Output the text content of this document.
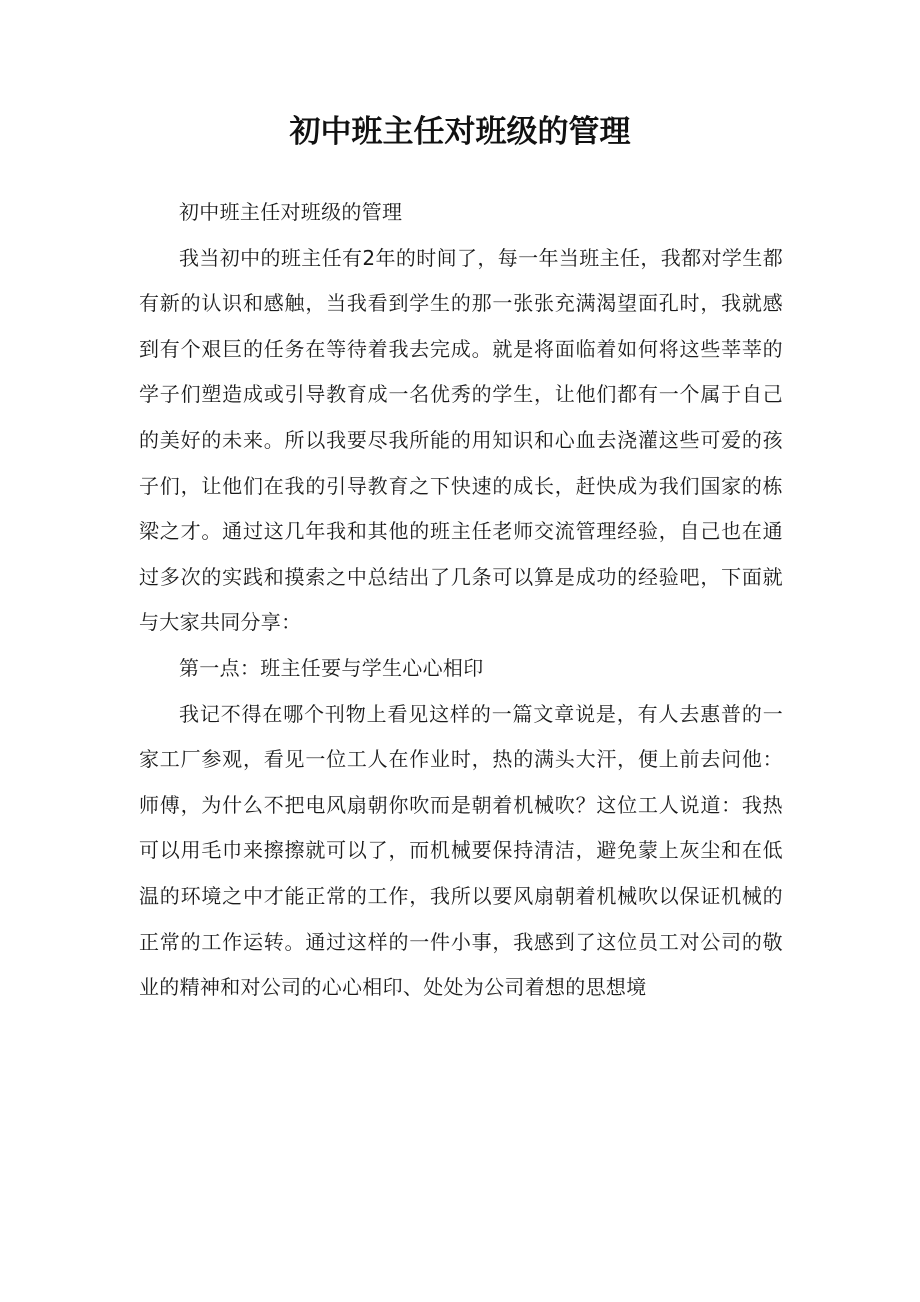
初中班主任对班级的管理

初中班主任对班级的管理

我当初中的班主任有2年的时间了，每一年当班主任，我都对学生都有新的认识和感触，当我看到学生的那一张张充满渴望面孔时，我就感到有个艰巨的任务在等待着我去完成。就是将面临着如何将这些莘莘的学子们塑造成或引导教育成一名优秀的学生，让他们都有一个属于自己的美好的未来。所以我要尽我所能的用知识和心血去浇灌这些可爱的孩子们，让他们在我的引导教育之下快速的成长，赶快成为我们国家的栋梁之才。通过这几年我和其他的班主任老师交流管理经验，自己也在通过多次的实践和摸索之中总结出了几条可以算是成功的经验吧，下面就与大家共同分享：

第一点：班主任要与学生心心相印

我记不得在哪个刊物上看见这样的一篇文章说是，有人去惠普的一家工厂参观，看见一位工人在作业时，热的满头大汗，便上前去问他：师傅，为什么不把电风扇朝你吹而是朝着机械吹？这位工人说道：我热可以用毛巾来擦擦就可以了，而机械要保持清洁，避免蒙上灰尘和在低温的环境之中才能正常的工作，我所以要风扇朝着机械吹以保证机械的正常的工作运转。通过这样的一件小事，我感到了这位员工对公司的敬业的精神和对公司的心心相印、处处为公司着想的思想境
